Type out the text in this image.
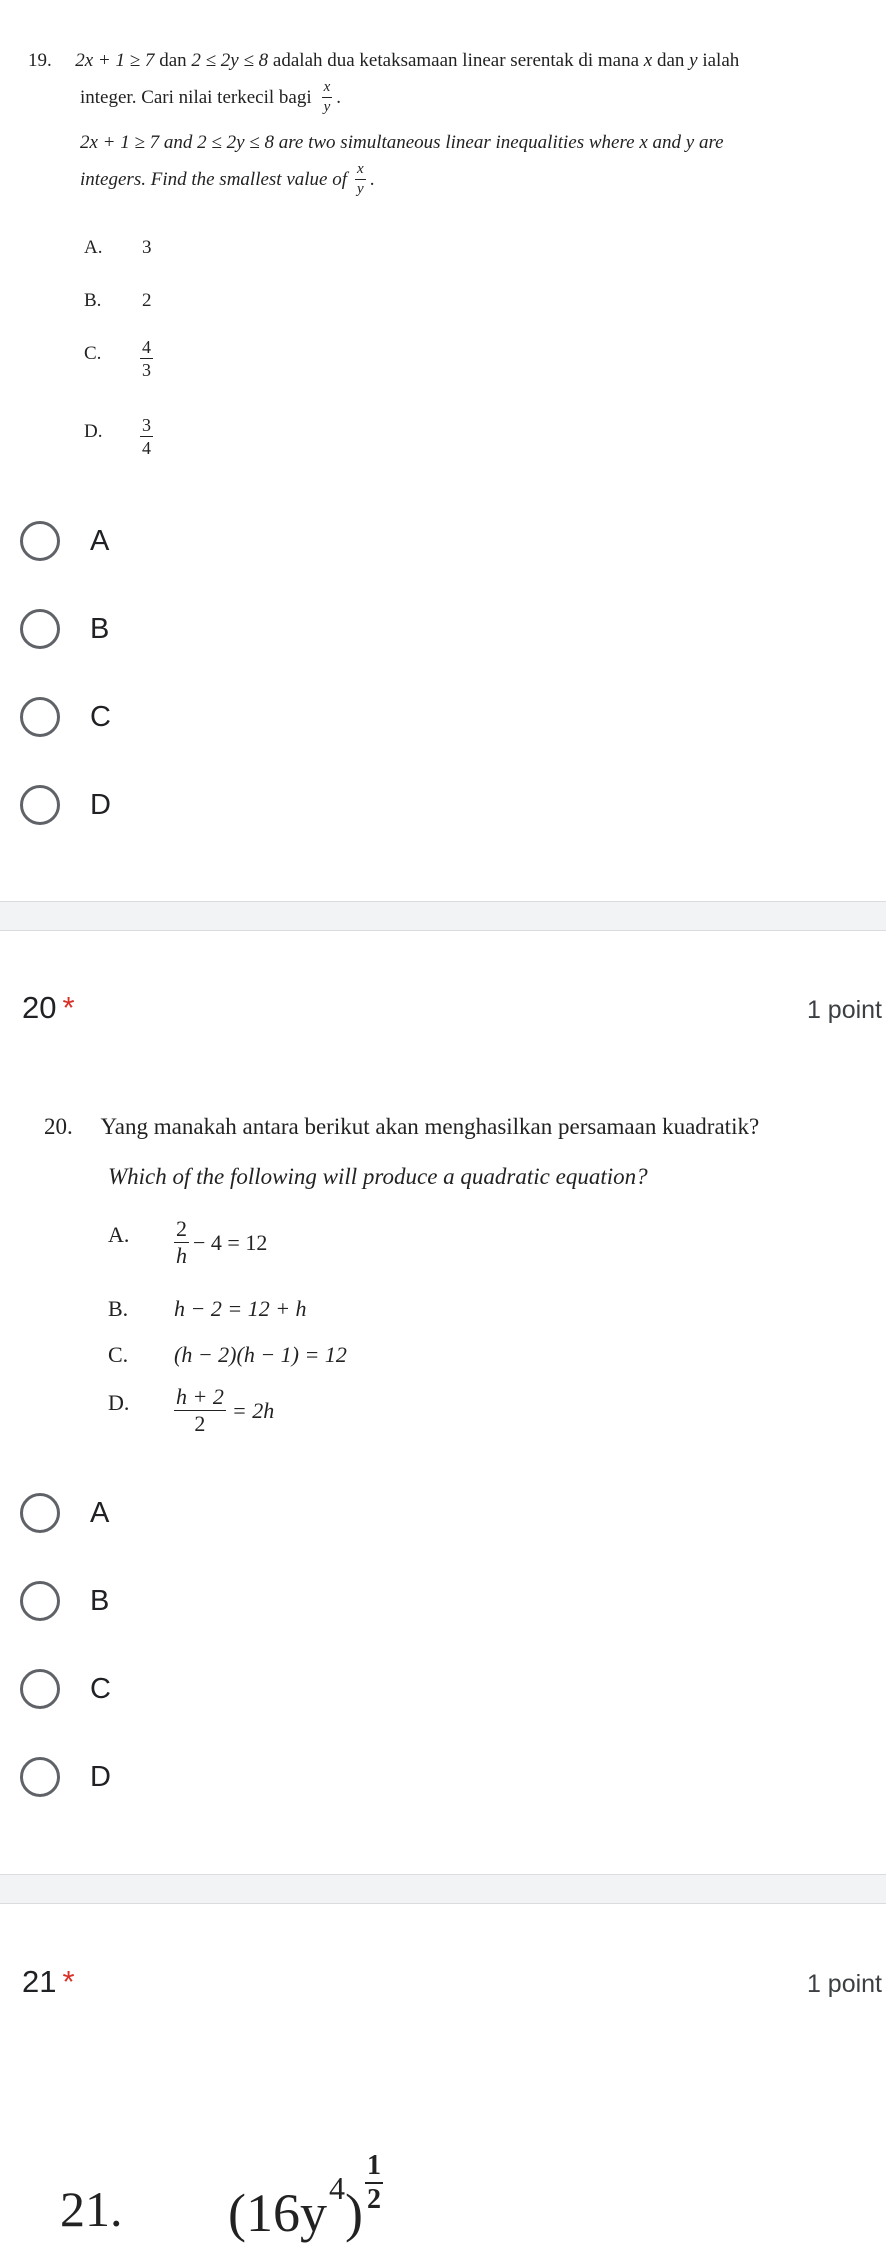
19. 2x + 1 ≥ 7 dan 2 ≤ 2y ≤ 8 adalah dua ketaksamaan linear serentak di mana x dan y ialah
integer. Cari nilai terkecil bagi $\frac{x}{y}$ .
2x + 1 ≥ 7 and 2 ≤ 2y ≤ 8 are two simultaneous linear inequalities where x and y are
integers. Find the smallest value of $\frac{x}{y}$ .
A. 3
B. 2
C. 4
3
D. 3
4
A
B
C
D
20 *	1 point
20. Yang manakah antara berikut akan menghasilkan persamaan kuadratik?
Which of the following will produce a quadratic equation?
A. $\frac{2}{h} - 4 = 12$
B. h − 2 = 12 + h
C. (h − 2)(h − 1) = 12
D. $\frac{h + 2}{2} = 2h$
A
B
C
D
21 *	1 point
21. ($16y^4$ ) $\frac{1}{2}$
